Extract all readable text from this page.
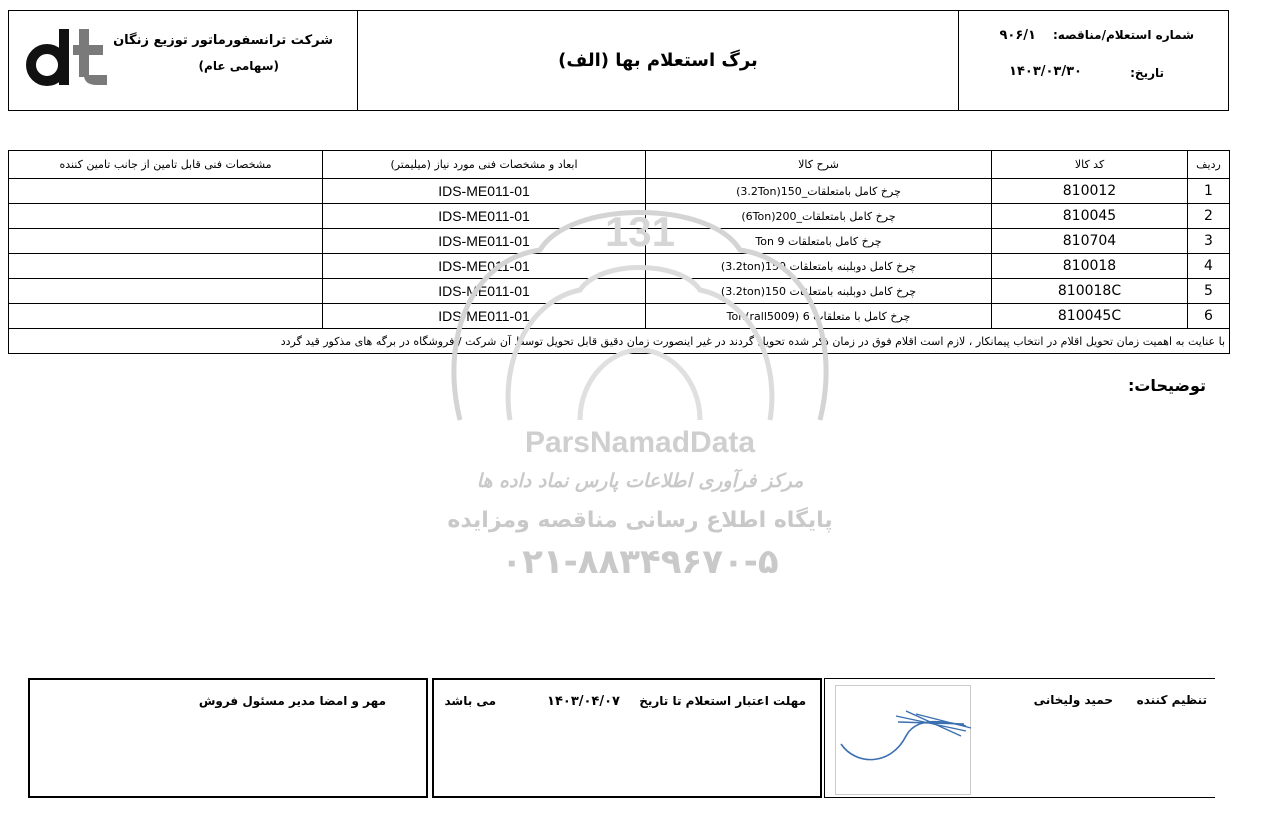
شرکت ترانسفورماتور توزیع زنگان
(سهامی عام)	برگ استعلام بها (الف)
شماره استعلام/مناقصه:
۹۰۶/۱
تاریخ:
۱۴۰۳/۰۳/۳۰
ردیف	کد کالا	شرح کالا	ابعاد و مشخصات فنی مورد نیاز (میلیمتر)	مشخصات فنی قابل تامین از جانب تامین کننده
1	810012	چرخ کامل بامتعلقات_150(3.2Ton)	IDS-ME011-01	
2	810045	چرخ کامل بامتعلقات_200(6Ton)	IDS-ME011-01	
3	810704	چرخ کامل بامتعلقات 9 Ton	IDS-ME011-01	
4	810018	چرخ کامل دوبلبنه بامتعلقات 150(3.2ton)	IDS-ME011-01	
5	810018C	چرخ کامل دوبلبنه بامتعلقات 150(3.2ton)	IDS-ME011-01	
6	810045C	چرخ کامل با متعلقات 6 (Ton(rall5009	IDS-ME011-01	
با عنایت به اهمیت زمان تحویل اقلام در انتخاب پیمانکار ، لازم است اقلام فوق در زمان ذکر شده تحویل گردند در غیر اینصورت زمان دقیق قابل تحویل توسط آن شرکت / فروشگاه در برگه های مذکور قید گردد				
توضیحات:
131
ParsNamadData
مرکز فرآوری اطلاعات پارس نماد داده ها
پایگاه اطلاع رسانی مناقصه ومزایده
۰۲۱-۸۸۳۴۹۶۷۰-۵
مهر و امضا مدیر مسئول فروش	مهلت اعتبار استعلام تا تاریخ
۱۴۰۳/۰۴/۰۷
می باشد	تنظیم کننده
حمید ولیخانی
